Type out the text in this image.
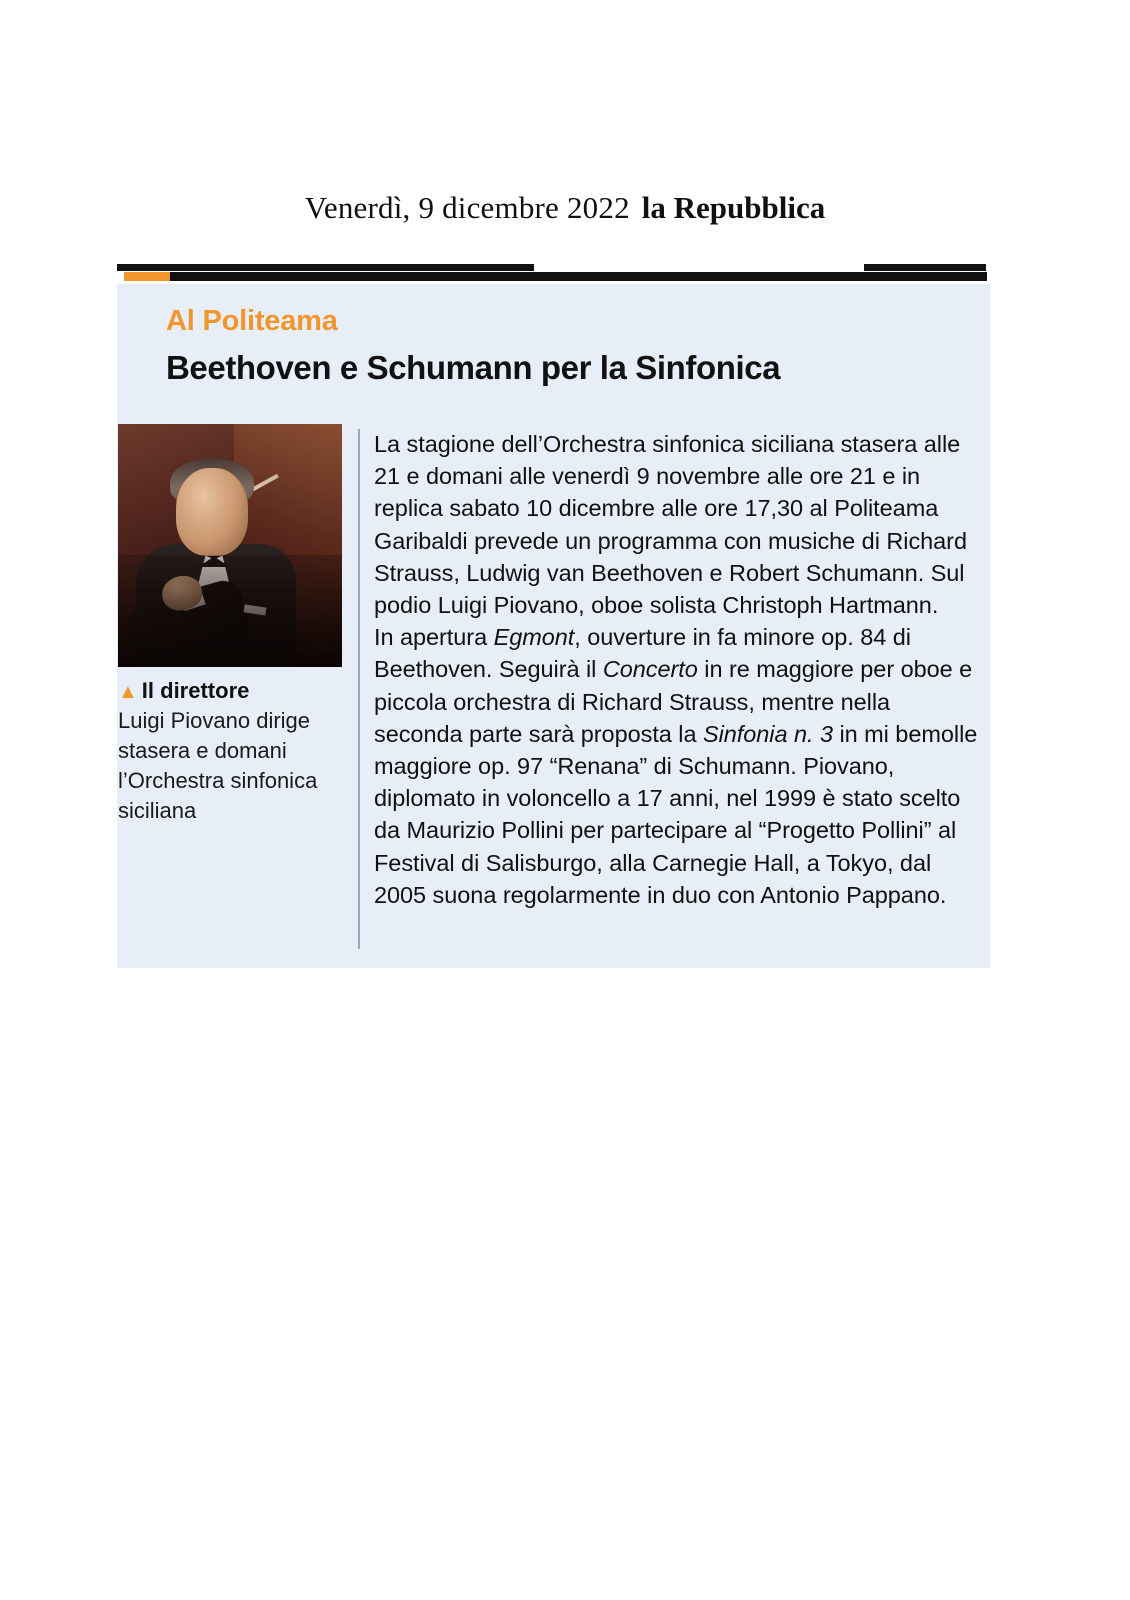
Venerdì, 9 dicembre 2022 la Repubblica
Al Politeama
Beethoven e Schumann per la Sinfonica
▲ Il direttore
Luigi Piovano dirige stasera e domani l’Orchestra sinfonica siciliana

La stagione dell’Orchestra sinfonica siciliana stasera alle 21 e domani alle venerdì 9 novembre alle ore 21 e in replica sabato 10 dicembre alle ore 17,30 al Politeama Garibaldi prevede un programma con musiche di Richard Strauss, Ludwig van Beethoven e Robert Schumann. Sul podio Luigi Piovano, oboe solista Christoph Hartmann.

In apertura Egmont, ouverture in fa minore op. 84 di Beethoven. Seguirà il Concerto in re maggiore per oboe e piccola orchestra di Richard Strauss, mentre nella seconda parte sarà proposta la Sinfonia n. 3 in mi bemolle maggiore op. 97 “Renana” di Schumann. Piovano, diplomato in voloncello a 17 anni, nel 1999 è stato scelto da Maurizio Pollini per partecipare al “Progetto Pollini” al Festival di Salisburgo, alla Carnegie Hall, a Tokyo, dal 2005 suona regolarmente in duo con Antonio Pappano.
